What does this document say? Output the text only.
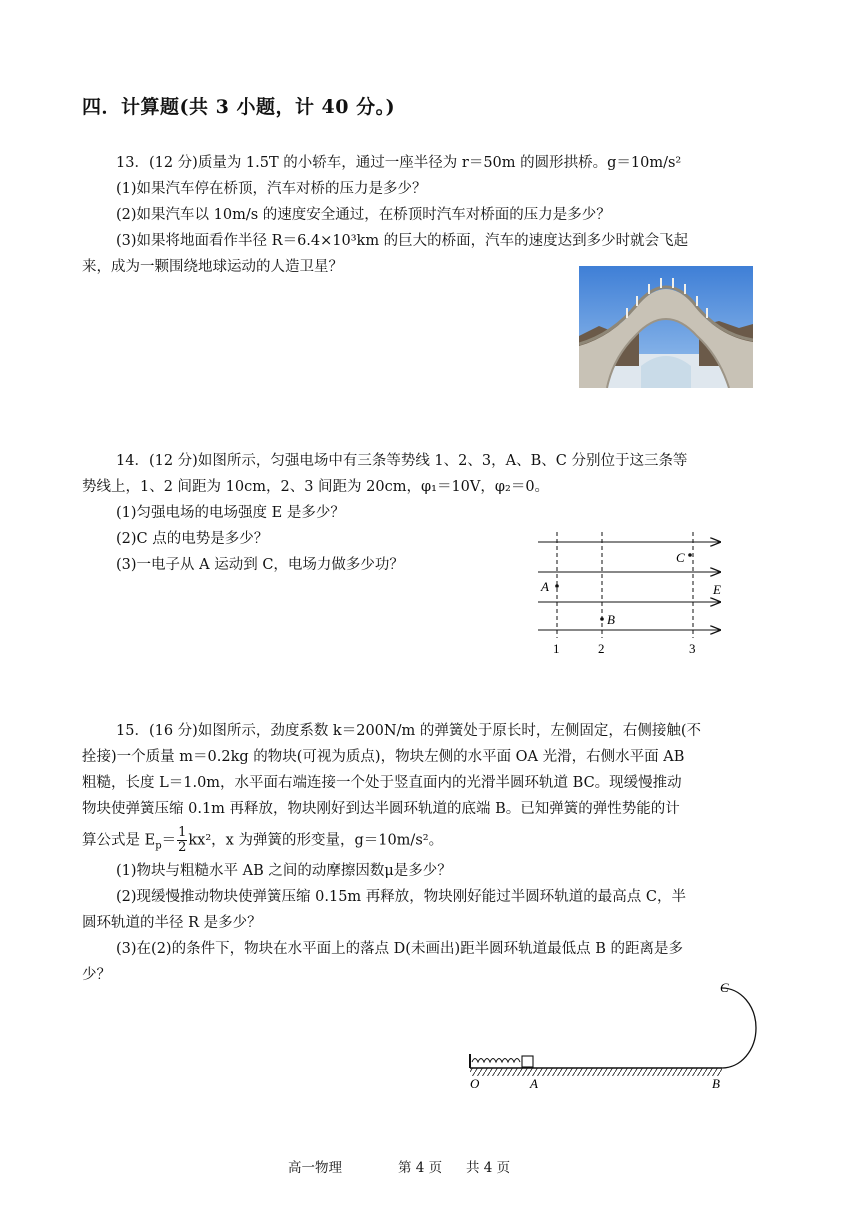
四．计算题(共 3 小题，计 40 分。)
13．(12 分)质量为 1.5T 的小轿车，通过一座半径为 r＝50m 的圆形拱桥。g＝10m/s²
(1)如果汽车停在桥顶，汽车对桥的压力是多少？
(2)如果汽车以 10m/s 的速度安全通过，在桥顶时汽车对桥面的压力是多少？
(3)如果将地面看作半径 R＝6.4×10³km 的巨大的桥面，汽车的速度达到多少时就会飞起
来，成为一颗围绕地球运动的人造卫星？
14．(12 分)如图所示，匀强电场中有三条等势线 1、2、3，A、B、C 分别位于这三条等
势线上，1、2 间距为 10cm，2、3 间距为 20cm，φ₁＝10V，φ₂＝0。
(1)匀强电场的电场强度 E 是多少？
(2)C 点的电势是多少？
(3)一电子从 A 运动到 C，电场力做多少功？
A
B
C
E
1	2	3
15．(16 分)如图所示，劲度系数 k＝200N/m 的弹簧处于原长时，左侧固定，右侧接触(不
拴接)一个质量 m＝0.2kg 的物块(可视为质点)，物块左侧的水平面 OA 光滑，右侧水平面 AB
粗糙，长度 L＝1.0m，水平面右端连接一个处于竖直面内的光滑半圆环轨道 BC。现缓慢推动
物块使弹簧压缩 0.1m 再释放，物块刚好到达半圆环轨道的底端 B。已知弹簧的弹性势能的计
算公式是 $E_p= \frac{1}{2} kx^2$，x 为弹簧的形变量，g＝10m/s²。
(1)物块与粗糙水平 AB 之间的动摩擦因数μ是多少？
(2)现缓慢推动物块使弹簧压缩 0.15m 再释放，物块刚好能过半圆环轨道的最高点 C，半
圆环轨道的半径 R 是多少？
(3)在(2)的条件下，物块在水平面上的落点 D(未画出)距半圆环轨道最低点 B 的距离是多
少？
O	A	B
C
高一物理	第 4 页 共 4 页
